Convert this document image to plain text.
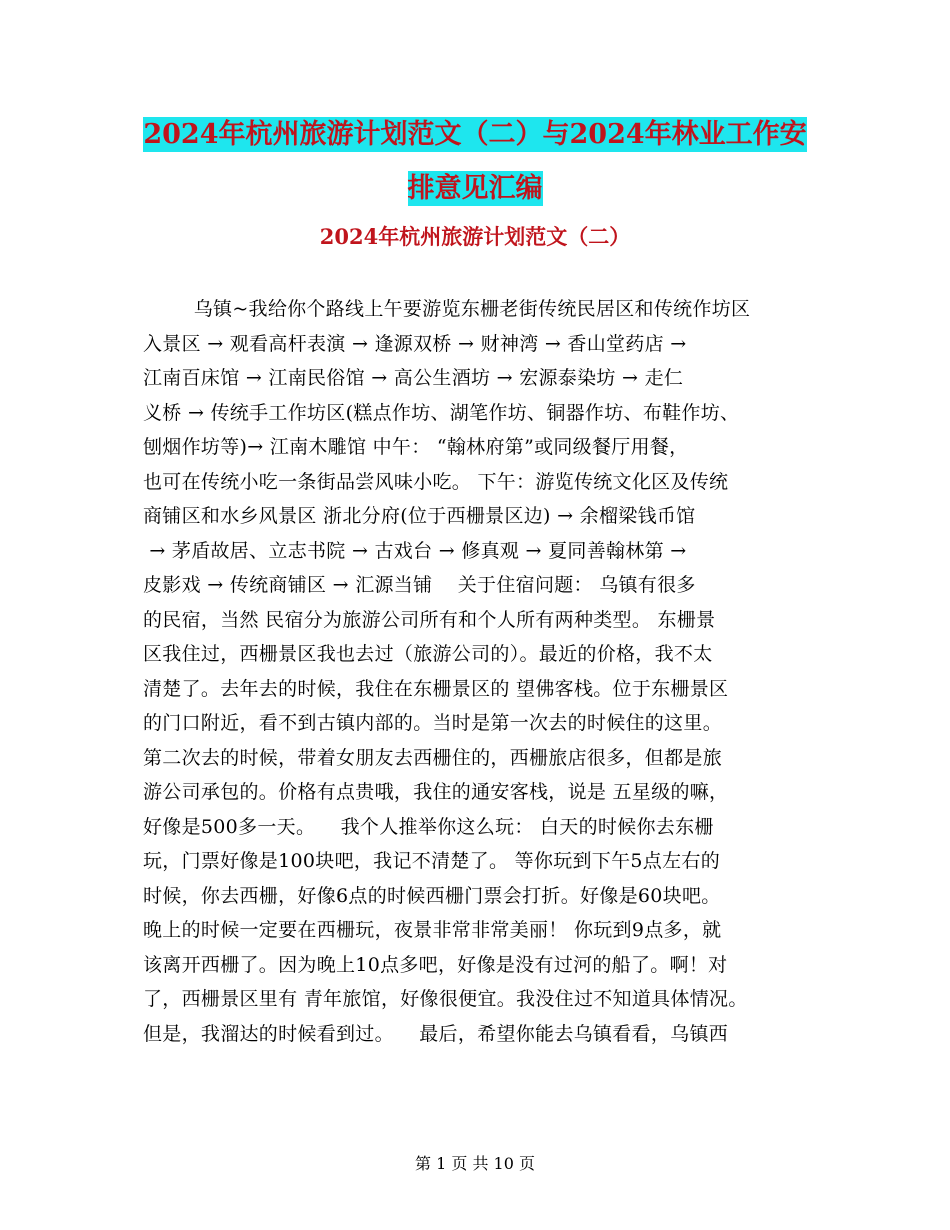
2024年杭州旅游计划范文（二）与2024年林业工作安
排意见汇编
2024年杭州旅游计划范文（二）
乌镇~我给你个路线上午要游览东栅老街传统民居区和传统作坊区
入景区 → 观看高杆表演 → 逢源双桥 → 财神湾 → 香山堂药店 →
江南百床馆 → 江南民俗馆 → 高公生酒坊 → 宏源泰染坊 → 走仁
义桥 → 传统手工作坊区(糕点作坊、湖笔作坊、铜器作坊、布鞋作坊、
刨烟作坊等)→ 江南木雕馆 中午： “翰林府第”或同级餐厅用餐，
也可在传统小吃一条街品尝风味小吃。 下午：游览传统文化区及传统
商铺区和水乡风景区 浙北分府(位于西栅景区边) → 余榴梁钱币馆
→ 茅盾故居、立志书院 → 古戏台 → 修真观 → 夏同善翰林第 →
皮影戏 → 传统商铺区 → 汇源当铺    关于住宿问题： 乌镇有很多
的民宿，当然 民宿分为旅游公司所有和个人所有两种类型。 东栅景
区我住过，西栅景区我也去过（旅游公司的）。最近的价格，我不太
清楚了。去年去的时候，我住在东栅景区的 望佛客栈。位于东栅景区
的门口附近，看不到古镇内部的。当时是第一次去的时候住的这里。
第二次去的时候，带着女朋友去西栅住的，西栅旅店很多，但都是旅
游公司承包的。价格有点贵哦，我住的通安客栈，说是 五星级的嘛，
好像是500多一天。    我个人推举你这么玩： 白天的时候你去东栅
玩，门票好像是100块吧，我记不清楚了。 等你玩到下午5点左右的
时候，你去西栅，好像6点的时候西栅门票会打折。好像是60块吧。
晚上的时候一定要在西栅玩，夜景非常非常美丽！ 你玩到9点多，就
该离开西栅了。因为晚上10点多吧，好像是没有过河的船了。啊！对
了，西栅景区里有 青年旅馆，好像很便宜。我没住过不知道具体情况。
但是，我溜达的时候看到过。    最后，希望你能去乌镇看看，乌镇西
第 1 页 共 10 页
